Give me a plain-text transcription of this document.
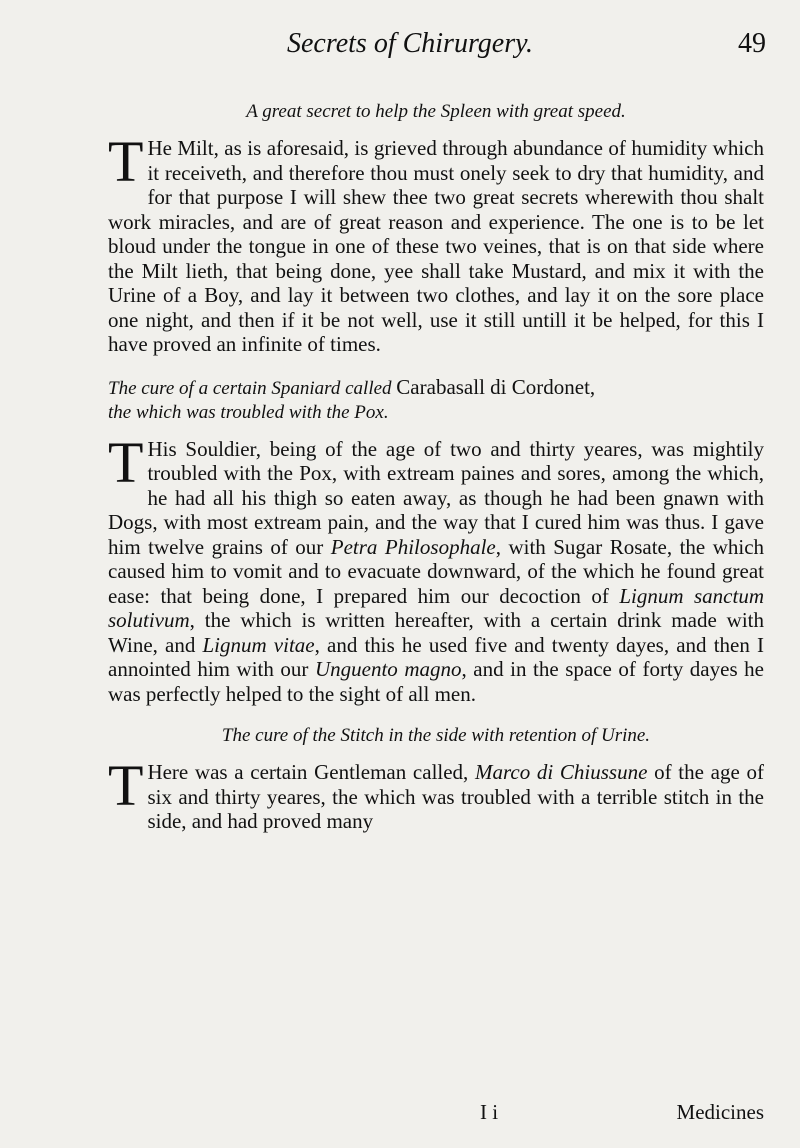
Secrets of Chirurgery.	49
A great secret to help the Spleen with great speed.
T He Milt, as is aforesaid, is grieved through abundance of humidity which it receiveth, and therefore thou must onely seek to dry that humidity, and for that purpose I will shew thee two great secrets wherewith thou shalt work miracles, and are of great reason and experience. The one is to be let bloud under the tongue in one of these two veines, that is on that side where the Milt lieth, that being done, yee shall take Mustard, and mix it with the Urine of a Boy, and lay it between two clothes, and lay it on the sore place one night, and then if it be not well, use it still untill it be helped, for this I have proved an infinite of times.
The cure of a certain Spaniard called Carabasall di Cordonet,
the which was troubled with the Pox.
T His Souldier, being of the age of two and thirty yeares, was mightily troubled with the Pox, with extream paines and sores, among the which, he had all his thigh so eaten away, as though he had been gnawn with Dogs, with most extream pain, and the way that I cured him was thus. I gave him twelve grains of our Petra Philosophale, with Sugar Rosate, the which caused him to vomit and to evacuate downward, of the which he found great ease: that being done, I prepared him our decoction of Lignum sanctum solutivum, the which is written hereafter, with a certain drink made with Wine, and Lignum vitae, and this he used five and twenty dayes, and then I annointed him with our Unguento magno, and in the space of forty dayes he was perfectly helped to the sight of all men.
The cure of the Stitch in the side with retention of Urine.
T Here was a certain Gentleman called, Marco di Chiussune of the age of six and thirty yeares, the which was troubled with a terrible stitch in the side, and had proved many
I i	Medicines
